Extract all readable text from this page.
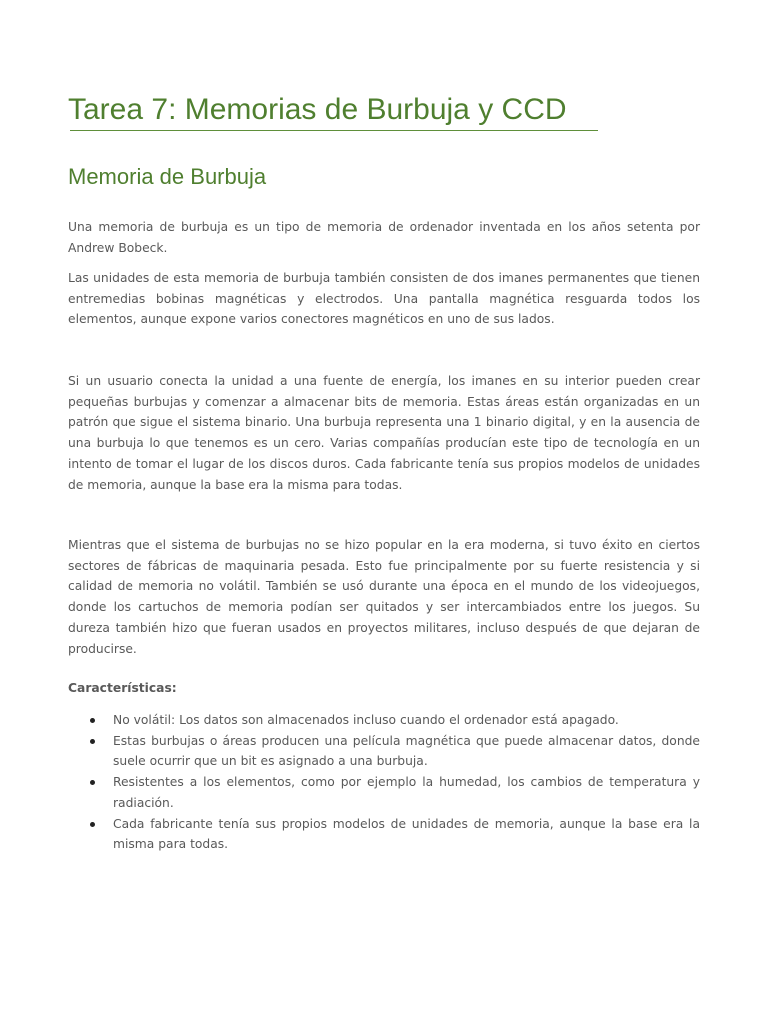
Tarea 7: Memorias de Burbuja y CCD
Memoria de Burbuja

Una memoria de burbuja es un tipo de memoria de ordenador inventada en los años setenta por Andrew Bobeck.

Las unidades de esta memoria de burbuja también consisten de dos imanes permanentes que tienen entremedias bobinas magnéticas y electrodos. Una pantalla magnética resguarda todos los elementos, aunque expone varios conectores magnéticos en uno de sus lados.

Si un usuario conecta la unidad a una fuente de energía, los imanes en su interior pueden crear pequeñas burbujas y comenzar a almacenar bits de memoria. Estas áreas están organizadas en un patrón que sigue el sistema binario. Una burbuja representa una 1 binario digital, y en la ausencia de una burbuja lo que tenemos es un cero. Varias compañías producían este tipo de tecnología en un intento de tomar el lugar de los discos duros. Cada fabricante tenía sus propios modelos de unidades de memoria, aunque la base era la misma para todas.

Mientras que el sistema de burbujas no se hizo popular en la era moderna, si tuvo éxito en ciertos sectores de fábricas de maquinaria pesada. Esto fue principalmente por su fuerte resistencia y si calidad de memoria no volátil. También se usó durante una época en el mundo de los videojuegos, donde los cartuchos de memoria podían ser quitados y ser intercambiados entre los juegos. Su dureza también hizo que fueran usados en proyectos militares, incluso después de que dejaran de producirse.

Características:

No volátil: Los datos son almacenados incluso cuando el ordenador está apagado.
Estas burbujas o áreas producen una película magnética que puede almacenar datos, donde suele ocurrir que un bit es asignado a una burbuja.
Resistentes a los elementos, como por ejemplo la humedad, los cambios de temperatura y radiación.
Cada fabricante tenía sus propios modelos de unidades de memoria, aunque la base era la misma para todas.
